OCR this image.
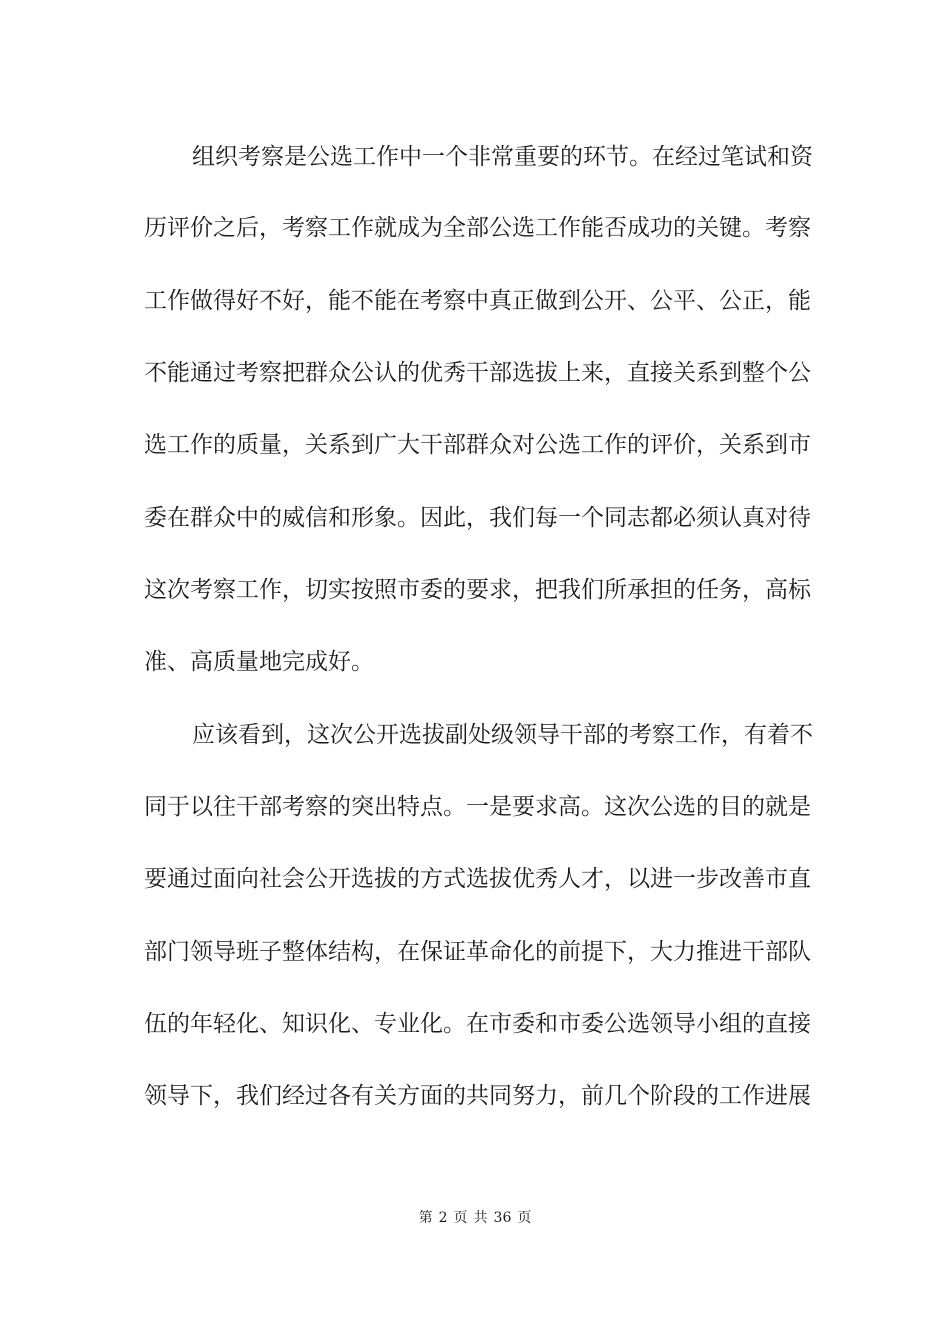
组织考察是公选工作中一个非常重要的环节。在经过笔试和资
历评价之后，考察工作就成为全部公选工作能否成功的关键。考察
工作做得好不好，能不能在考察中真正做到公开、公平、公正，能
不能通过考察把群众公认的优秀干部选拔上来，直接关系到整个公
选工作的质量，关系到广大干部群众对公选工作的评价，关系到市
委在群众中的威信和形象。因此，我们每一个同志都必须认真对待
这次考察工作，切实按照市委的要求，把我们所承担的任务，高标
准、高质量地完成好。
应该看到，这次公开选拔副处级领导干部的考察工作，有着不
同于以往干部考察的突出特点。一是要求高。这次公选的目的就是
要通过面向社会公开选拔的方式选拔优秀人才，以进一步改善市直
部门领导班子整体结构，在保证革命化的前提下，大力推进干部队
伍的年轻化、知识化、专业化。在市委和市委公选领导小组的直接
领导下，我们经过各有关方面的共同努力，前几个阶段的工作进展
第 2 页 共 36 页
